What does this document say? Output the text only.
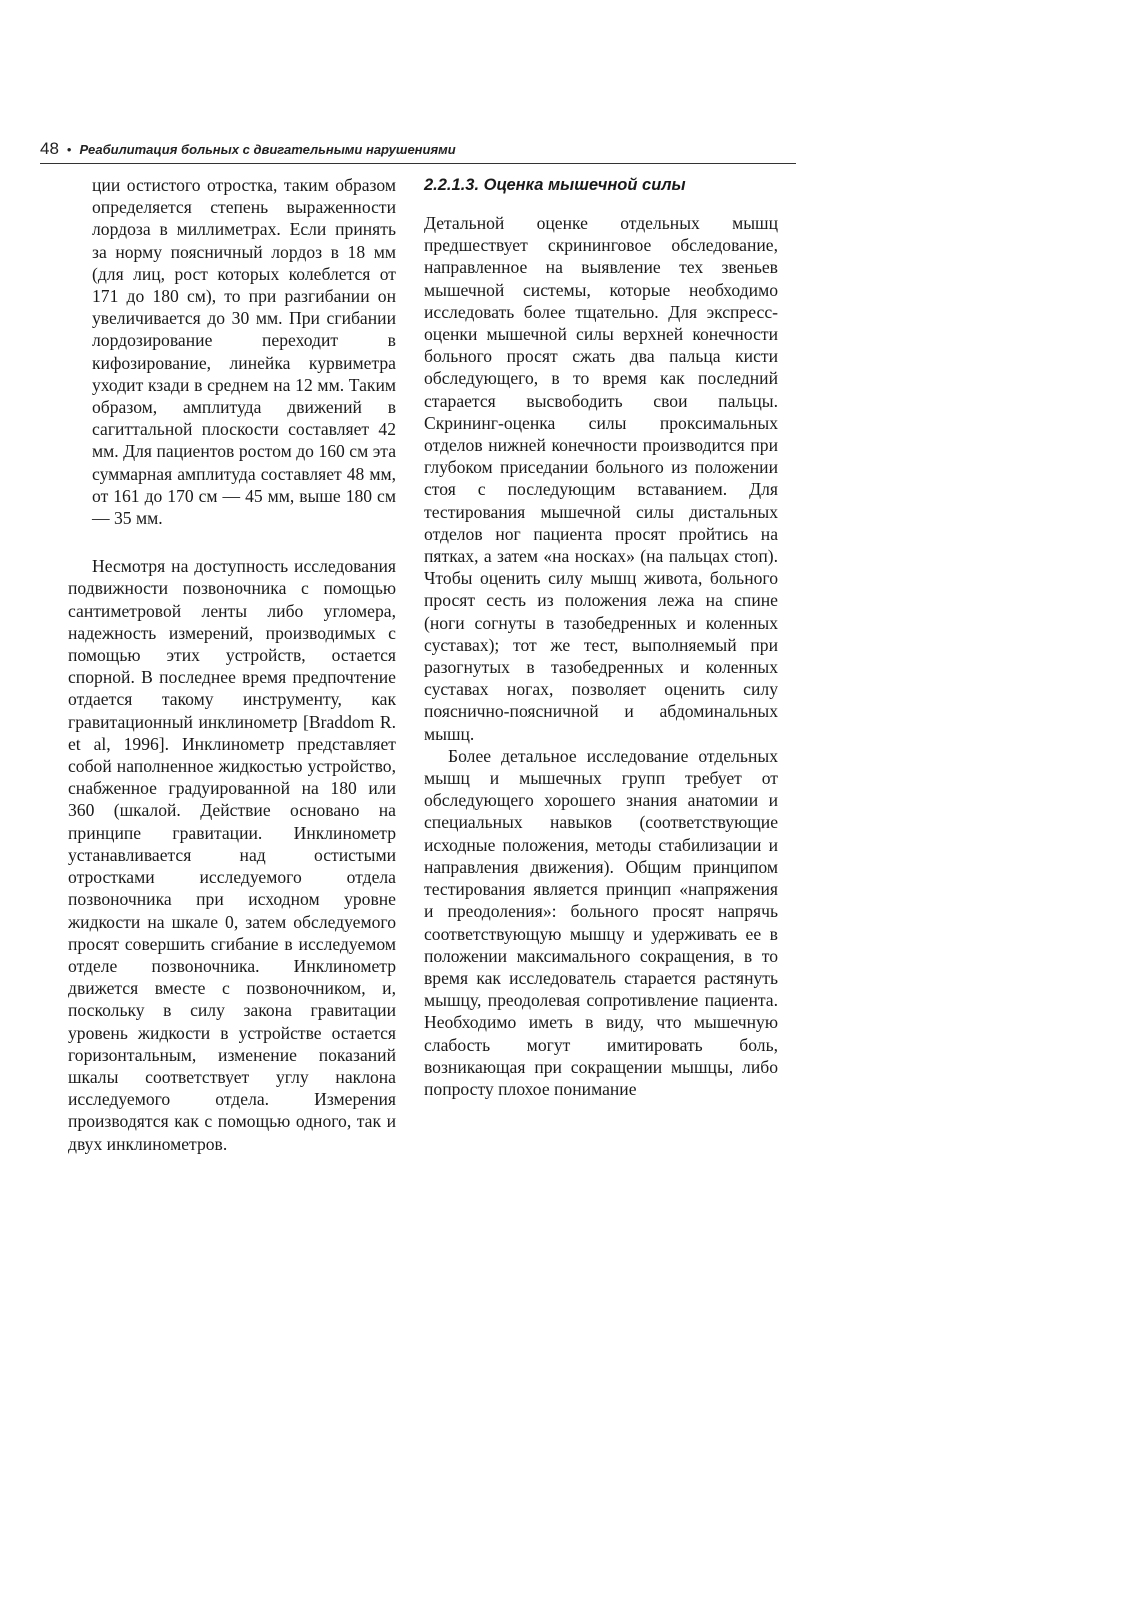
48 • Реабилитация больных с двигательными нарушениями

ции остистого отростка, таким образом определяется степень выраженности лордоза в миллиметрах. Если принять за норму поясничный лордоз в 18 мм (для лиц, рост которых колеблется от 171 до 180 см), то при разгибании он увеличивается до 30 мм. При сгибании лордозирование переходит в кифозирование, линейка курвиметра уходит кзади в среднем на 12 мм. Таким образом, амплитуда движений в сагиттальной плоскости составляет 42 мм. Для пациентов ростом до 160 см эта суммарная амплитуда составляет 48 мм, от 161 до 170 см — 45 мм, выше 180 см — 35 мм.

Несмотря на доступность исследования подвижности позвоночника с помощью сантиметровой ленты либо угломера, надежность измерений, производимых с помощью этих устройств, остается спорной. В последнее время предпочтение отдается такому инструменту, как гравитационный инклинометр [Braddom R. et al, 1996]. Инклинометр представляет собой наполненное жидкостью устройство, снабженное градуированной на 180 или 360 (шкалой. Действие основано на принципе гравитации. Инклинометр устанавливается над остистыми отростками исследуемого отдела позвоночника при исходном уровне жидкости на шкале 0, затем обследуемого просят совершить сгибание в исследуемом отделе позвоночника. Инклинометр движется вместе с позвоночником, и, поскольку в силу закона гравитации уровень жидкости в устройстве остается горизонтальным, изменение показаний шкалы соответствует углу наклона исследуемого отдела. Измерения производятся как с помощью одного, так и двух инклинометров.

2.2.1.3. Оценка мышечной силы

Детальной оценке отдельных мышц предшествует скрининговое обследование, направленное на выявление тех звеньев мышечной системы, которые необходимо исследовать более тщательно. Для экспресс-оценки мышечной силы верхней конечности больного просят сжать два пальца кисти обследующего, в то время как последний старается высвободить свои пальцы. Скрининг-оценка силы проксимальных отделов нижней конечности производится при глубоком приседании больного из положении стоя с последующим вставанием. Для тестирования мышечной силы дистальных отделов ног пациента просят пройтись на пятках, а затем «на носках» (на пальцах стоп). Чтобы оценить силу мышц живота, больного просят сесть из положения лежа на спине (ноги согнуты в тазобедренных и коленных суставах); тот же тест, выполняемый при разогнутых в тазобедренных и коленных суставах ногах, позволяет оценить силу пояснично-поясничной и абдоминальных мышц.

Более детальное исследование отдельных мышц и мышечных групп требует от обследующего хорошего знания анатомии и специальных навыков (соответствующие исходные положения, методы стабилизации и направления движения). Общим принципом тестирования является принцип «напряжения и преодоления»: больного просят напрячь соответствующую мышцу и удерживать ее в положении максимального сокращения, в то время как исследователь старается растянуть мышцу, преодолевая сопротивление пациента. Необходимо иметь в виду, что мышечную слабость могут имитировать боль, возникающая при сокращении мышцы, либо попросту плохое понимание
